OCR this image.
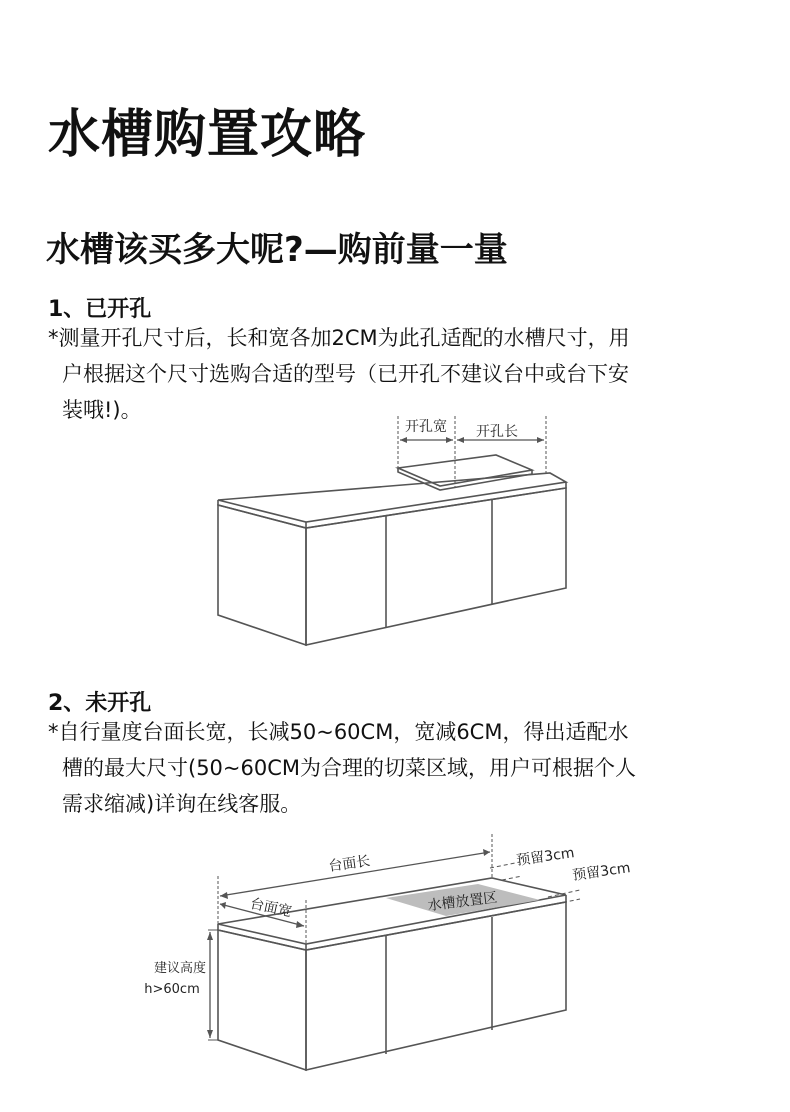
水槽购置攻略
水槽该买多大呢?—购前量一量
1、已开孔
*测量开孔尺寸后，长和宽各加2CM为此孔适配的水槽尺寸，用
户根据这个尺寸选购合适的型号（已开孔不建议台中或台下安
装哦!)。
开孔宽 开孔长
2、未开孔
*自行量度台面长宽，长减50~60CM，宽减6CM，得出适配水
槽的最大尺寸(50~60CM为合理的切菜区域，用户可根据个人
需求缩减)详询在线客服。
水槽放置区
台面长
台面宽
预留3cm
预留3cm
建议高度
h>60cm
